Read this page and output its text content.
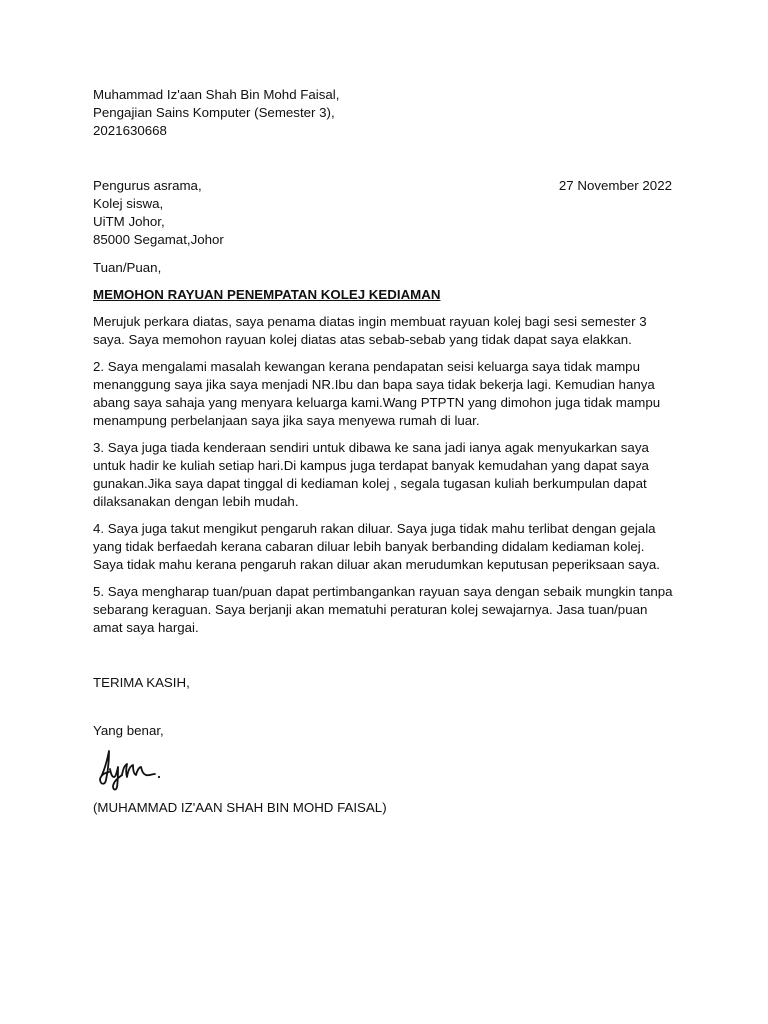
Muhammad Iz'aan Shah Bin Mohd Faisal,
Pengajian Sains Komputer (Semester 3),
2021630668
Pengurus asrama,
Kolej siswa,
UiTM Johor,
85000 Segamat,Johor
27 November 2022
Tuan/Puan,
MEMOHON RAYUAN PENEMPATAN KOLEJ KEDIAMAN

Merujuk perkara diatas, saya penama diatas ingin membuat rayuan kolej bagi sesi semester 3 saya. Saya memohon rayuan kolej diatas atas sebab-sebab yang tidak dapat saya elakkan.

2. Saya mengalami masalah kewangan kerana pendapatan seisi keluarga saya tidak mampu menanggung saya jika saya menjadi NR.Ibu dan bapa saya tidak bekerja lagi. Kemudian hanya abang saya sahaja yang menyara keluarga kami.Wang PTPTN yang dimohon juga tidak mampu menampung perbelanjaan saya jika saya menyewa rumah di luar.

3. Saya juga tiada kenderaan sendiri untuk dibawa ke sana jadi ianya agak menyukarkan saya untuk hadir ke kuliah setiap hari.Di kampus juga terdapat banyak kemudahan yang dapat saya gunakan.Jika saya dapat tinggal di kediaman kolej , segala tugasan kuliah berkumpulan dapat dilaksanakan dengan lebih mudah.

4. Saya juga takut mengikut pengaruh rakan diluar. Saya juga tidak mahu terlibat dengan gejala yang tidak berfaedah kerana cabaran diluar lebih banyak berbanding didalam kediaman kolej. Saya tidak mahu kerana pengaruh rakan diluar akan merudumkan keputusan peperiksaan saya.

5. Saya mengharap tuan/puan dapat pertimbangankan rayuan saya dengan sebaik mungkin tanpa sebarang keraguan. Saya berjanji akan mematuhi peraturan kolej sewajarnya. Jasa tuan/puan amat saya hargai.

TERIMA KASIH,
Yang benar,
(MUHAMMAD IZ'AAN SHAH BIN MOHD FAISAL)
